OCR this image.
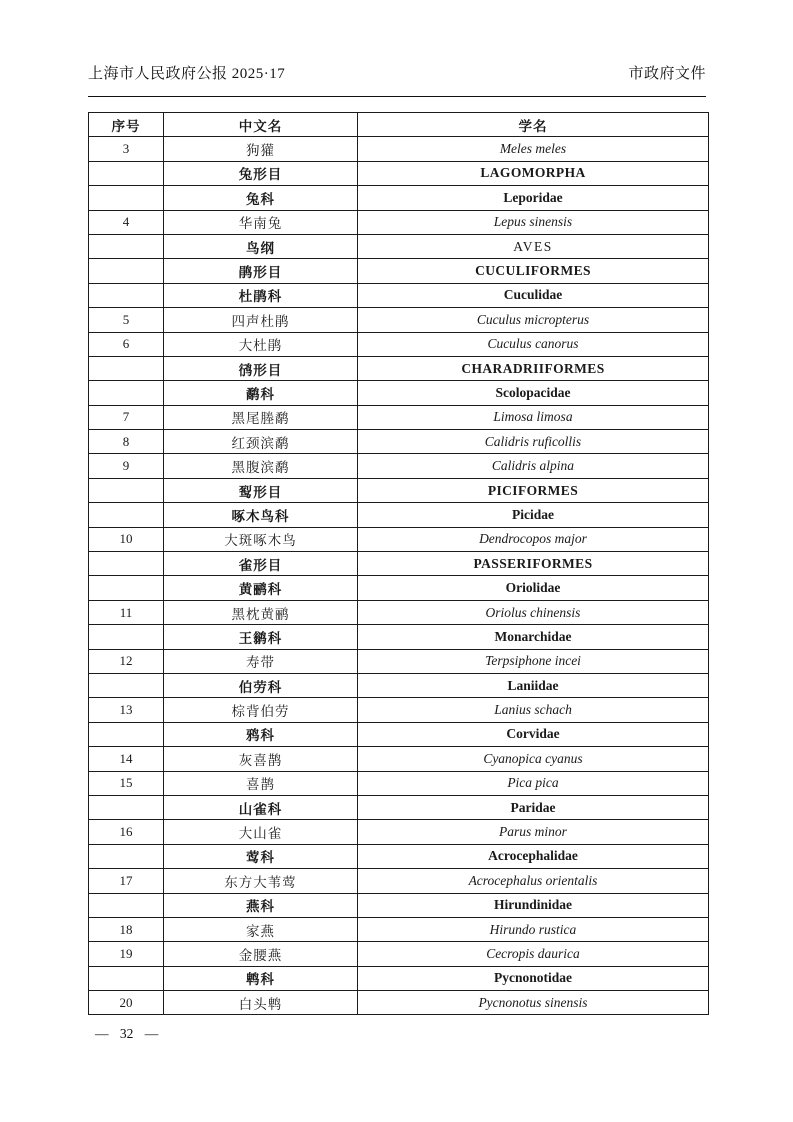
上海市人民政府公报 2025·17	市政府文件
序号	中文名	学名
3	狗獾	Meles meles
	兔形目	LAGOMORPHA
	兔科	Leporidae
4	华南兔	Lepus sinensis
	鸟纲	AVES
	鹃形目	CUCULIFORMES
	杜鹃科	Cuculidae
5	四声杜鹃	Cuculus micropterus
6	大杜鹃	Cuculus canorus
	鸻形目	CHARADRIIFORMES
	鹬科	Scolopacidae
7	黑尾塍鹬	Limosa limosa
8	红颈滨鹬	Calidris ruficollis
9	黑腹滨鹬	Calidris alpina
	䴕形目	PICIFORMES
	啄木鸟科	Picidae
10	大斑啄木鸟	Dendrocopos major
	雀形目	PASSERIFORMES
	黄鹂科	Oriolidae
11	黑枕黄鹂	Oriolus chinensis
	王鹟科	Monarchidae
12	寿带	Terpsiphone incei
	伯劳科	Laniidae
13	棕背伯劳	Lanius schach
	鸦科	Corvidae
14	灰喜鹊	Cyanopica cyanus
15	喜鹊	Pica pica
	山雀科	Paridae
16	大山雀	Parus minor
	莺科	Acrocephalidae
17	东方大苇莺	Acrocephalus orientalis
	燕科	Hirundinidae
18	家燕	Hirundo rustica
19	金腰燕	Cecropis daurica
	鹎科	Pycnonotidae
20	白头鹎	Pycnonotus sinensis
— 32 —
